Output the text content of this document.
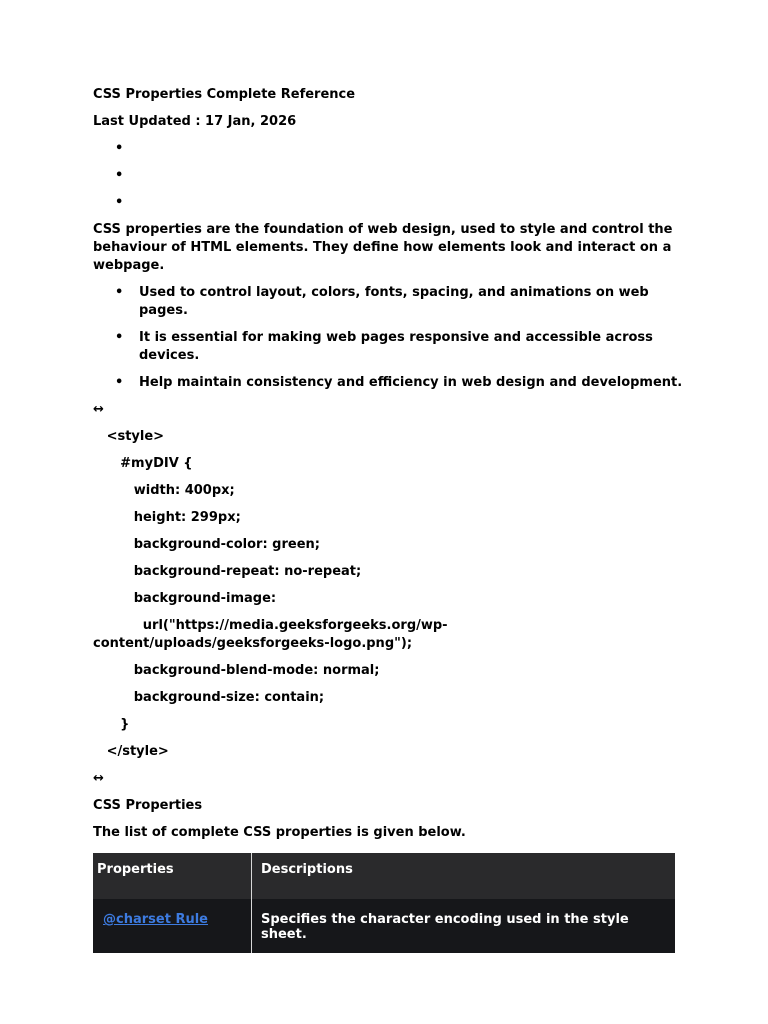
CSS Properties Complete Reference

Last Updated : 17 Jan, 2026

•
•
•

CSS properties are the foundation of web design, used to style and control the behaviour of HTML elements. They define how elements look and interact on a webpage.

• Used to control layout, colors, fonts, spacing, and animations on web pages.
• It is essential for making web pages responsive and accessible across devices.
• Help maintain consistency and efficiency in web design and development.

↔

<style>
#myDIV {
width: 400px;
height: 299px;
background-color: green;
background-repeat: no-repeat;
background-image:
url("https://media.geeksforgeeks.org/wp-content/uploads/geeksforgeeks-logo.png");
background-blend-mode: normal;
background-size: contain;
}
</style>

↔

CSS Properties

The list of complete CSS properties is given below.

Properties	Descriptions
@charset Rule	Specifies the character encoding used in the style sheet.
